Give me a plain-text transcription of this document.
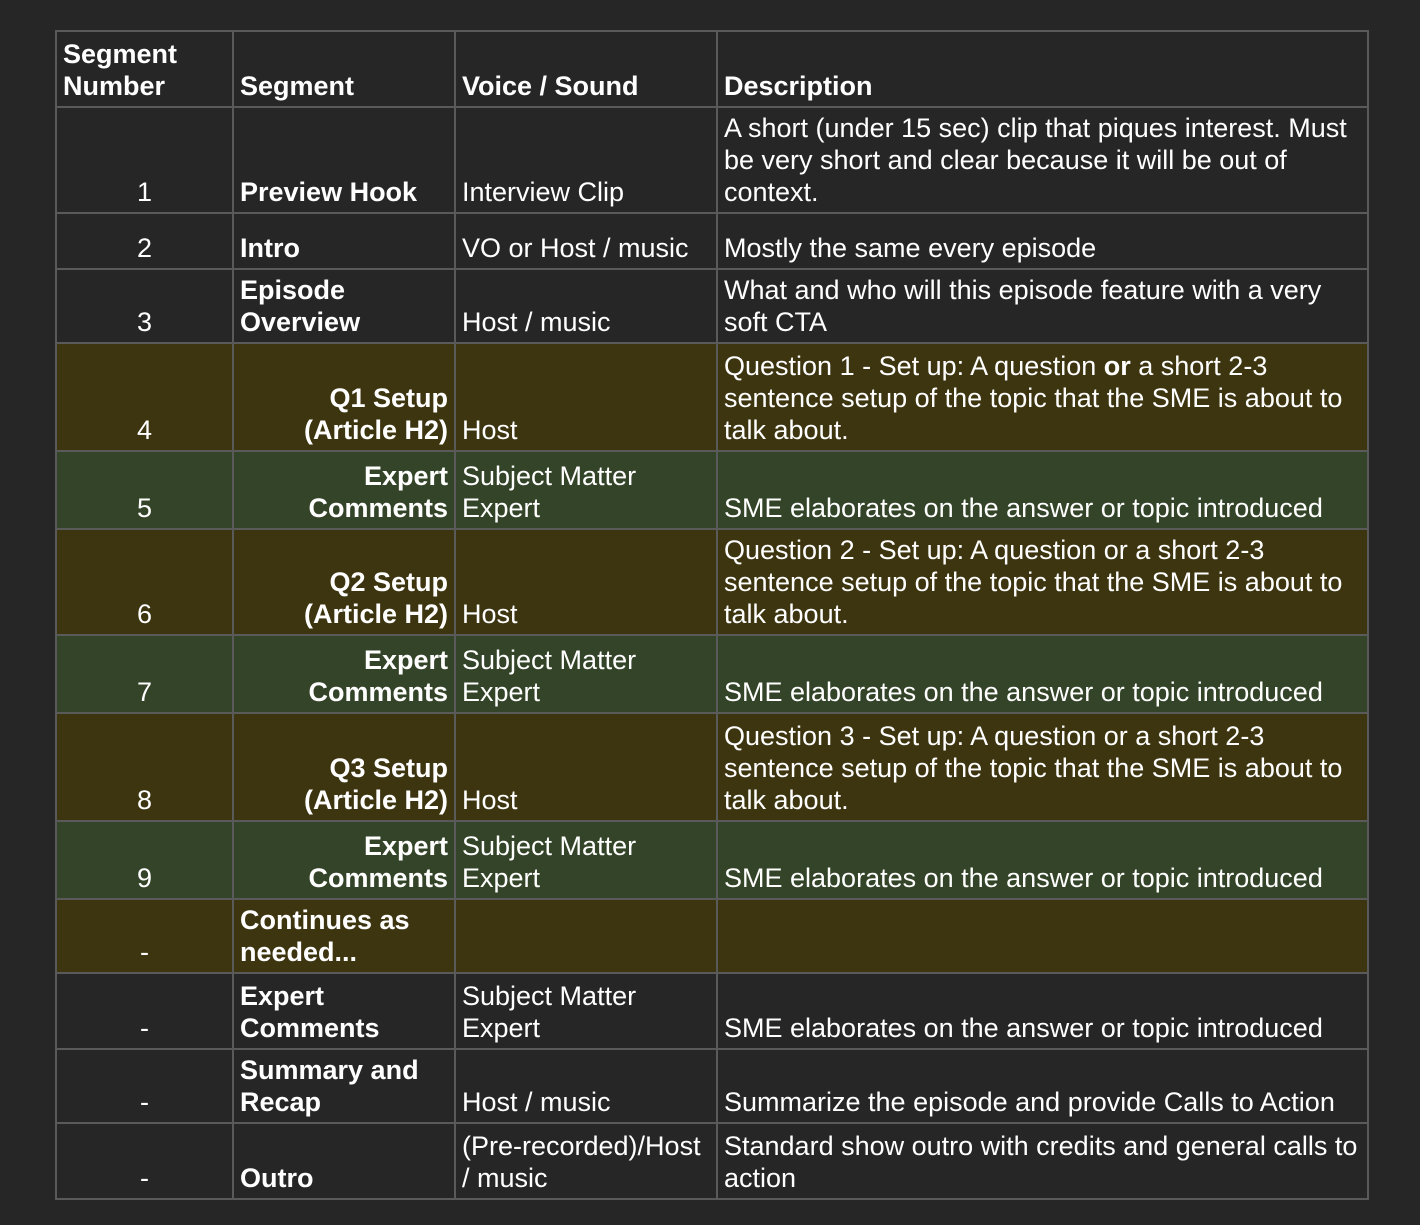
Segment Number	Segment	Voice / Sound	Description
1	Preview Hook	Interview Clip	A short (under 15 sec) clip that piques interest. Must be very short and clear because it will be out of context.
2	Intro	VO or Host / music	Mostly the same every episode
3	Episode Overview	Host / music	What and who will this episode feature with a very soft CTA
4	Q1 Setup (Article H2)	Host	Question 1 - Set up: A question or a short 2-3 sentence setup of the topic that the SME is about to talk about.
5	Expert Comments	Subject Matter Expert	SME elaborates on the answer or topic introduced
6	Q2 Setup (Article H2)	Host	Question 2 - Set up: A question or a short 2-3 sentence setup of the topic that the SME is about to talk about.
7	Expert Comments	Subject Matter Expert	SME elaborates on the answer or topic introduced
8	Q3 Setup (Article H2)	Host	Question 3 - Set up: A question or a short 2-3 sentence setup of the topic that the SME is about to talk about.
9	Expert Comments	Subject Matter Expert	SME elaborates on the answer or topic introduced
-	Continues as needed...		
-	Expert Comments	Subject Matter Expert	SME elaborates on the answer or topic introduced
-	Summary and Recap	Host / music	Summarize the episode and provide Calls to Action
-	Outro	(Pre-recorded)/Host / music	Standard show outro with credits and general calls to action
